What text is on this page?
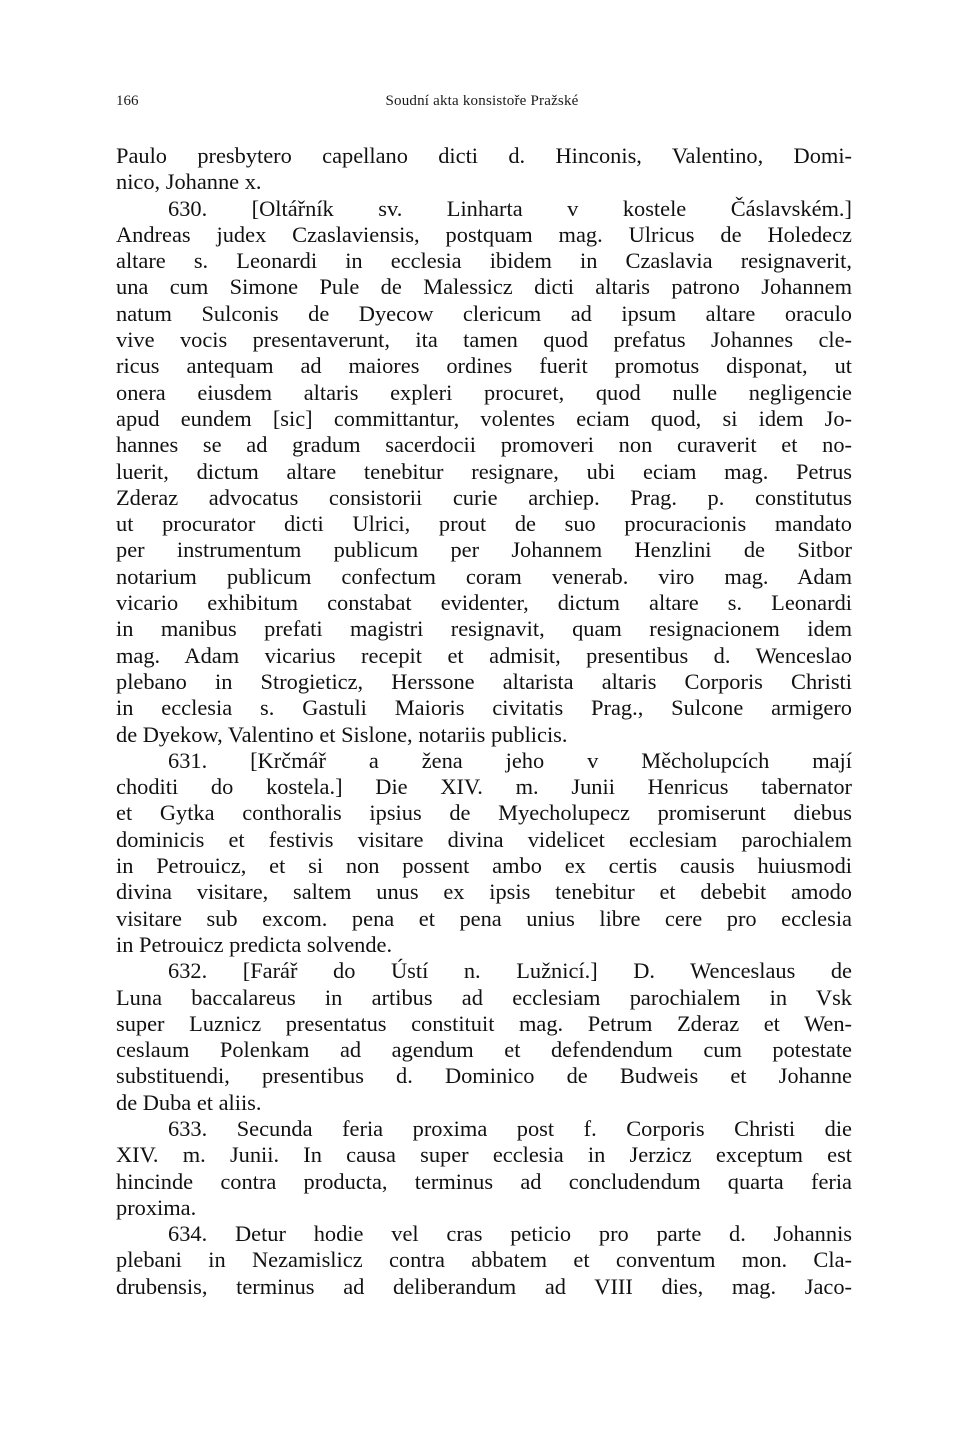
166	Soudní akta konsistoře Pražské
Paulo presbytero capellano dicti d. Hinconis, Valentino, Domi-
nico, Johanne x.
630. [Oltářník sv. Linharta v kostele Čáslavském.]
Andreas judex Czaslaviensis, postquam mag. Ulricus de Holedecz
altare s. Leonardi in ecclesia ibidem in Czaslavia resignaverit,
una cum Simone Pule de Malessicz dicti altaris patrono Johannem
natum Sulconis de Dyecow clericum ad ipsum altare oraculo
vive vocis presentaverunt, ita tamen quod prefatus Johannes cle-
ricus antequam ad maiores ordines fuerit promotus disponat, ut
onera eiusdem altaris expleri procuret, quod nulle negligencie
apud eundem [sic] committantur, volentes eciam quod, si idem Jo-
hannes se ad gradum sacerdocii promoveri non curaverit et no-
luerit, dictum altare tenebitur resignare, ubi eciam mag. Petrus
Zderaz advocatus consistorii curie archiep. Prag. p. constitutus
ut procurator dicti Ulrici, prout de suo procuracionis mandato
per instrumentum publicum per Johannem Henzlini de Sitbor
notarium publicum confectum coram venerab. viro mag. Adam
vicario exhibitum constabat evidenter, dictum altare s. Leonardi
in manibus prefati magistri resignavit, quam resignacionem idem
mag. Adam vicarius recepit et admisit, presentibus d. Wenceslao
plebano in Strogieticz, Herssone altarista altaris Corporis Christi
in ecclesia s. Gastuli Maioris civitatis Prag., Sulcone armigero
de Dyekow, Valentino et Sislone, notariis publicis.
631. [Krčmář a žena jeho v Měcholupcích mají
choditi do kostela.] Die XIV. m. Junii Henricus tabernator
et Gytka conthoralis ipsius de Myecholupecz promiserunt diebus
dominicis et festivis visitare divina videlicet ecclesiam parochialem
in Petrouicz, et si non possent ambo ex certis causis huiusmodi
divina visitare, saltem unus ex ipsis tenebitur et debebit amodo
visitare sub excom. pena et pena unius libre cere pro ecclesia
in Petrouicz predicta solvende.
632. [Farář do Ústí n. Lužnicí.] D. Wenceslaus de
Luna baccalareus in artibus ad ecclesiam parochialem in Vsk
super Luznicz presentatus constituit mag. Petrum Zderaz et Wen-
ceslaum Polenkam ad agendum et defendendum cum potestate
substituendi, presentibus d. Dominico de Budweis et Johanne
de Duba et aliis.
633. Secunda feria proxima post f. Corporis Christi die
XIV. m. Junii. In causa super ecclesia in Jerzicz exceptum est
hincinde contra producta, terminus ad concludendum quarta feria
proxima.
634. Detur hodie vel cras peticio pro parte d. Johannis
plebani in Nezamislicz contra abbatem et conventum mon. Cla-
drubensis, terminus ad deliberandum ad VIII dies, mag. Jaco-
